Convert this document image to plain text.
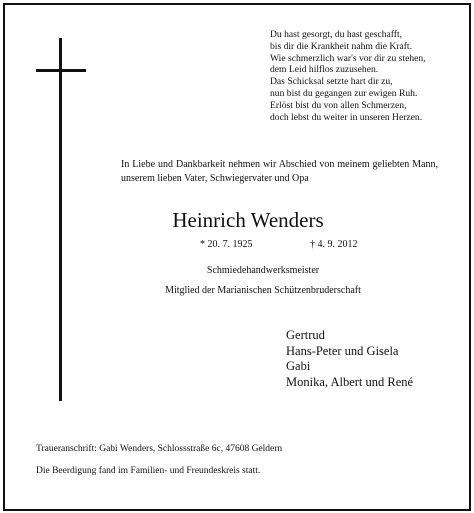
Du hast gesorgt, du hast geschafft,
bis dir die Krankheit nahm die Kraft.
Wie schmerzlich war's vor dir zu stehen,
dem Leid hilflos zuzusehen.
Das Schicksal setzte hart dir zu,
nun bist du gegangen zur ewigen Ruh.
Erlöst bist du von allen Schmerzen,
doch lebst du weiter in unseren Herzen.
In Liebe und Dankbarkeit nehmen wir Abschied von meinem geliebten Mann, unserem lieben Vater, Schwiegervater und Opa
Heinrich Wenders
* 20. 7. 1925	† 4. 9. 2012
Schmiedehandwerksmeister
Mitglied der Marianischen Schützenbruderschaft
Gertrud
Hans-Peter und Gisela
Gabi
Monika, Albert und René
Traueranschrift: Gabi Wenders, Schlossstraße 6c, 47608 Geldern
Die Beerdigung fand im Familien- und Freundeskreis statt.
